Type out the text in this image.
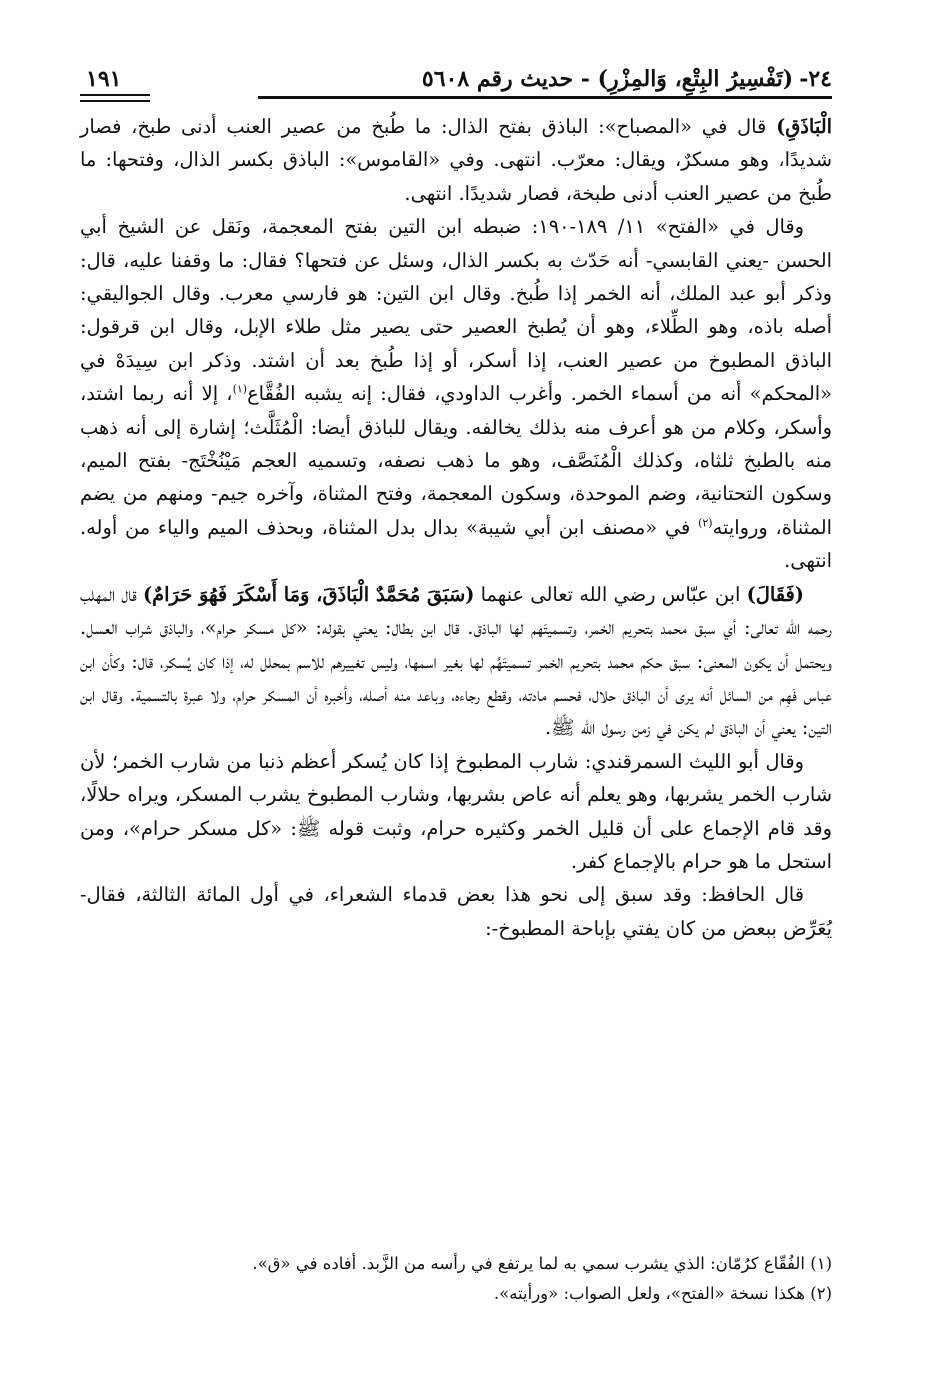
٢٤-(تَفْسِيرُ البِتْعِ، وَالمِزْرِ) - حديث رقم ٥٦٠٨
١٩١

الْبَاذَقِ) قال في «المصباح»: الباذق بفتح الذال: ما طُبخ من عصير العنب أدنى طبخ، فصار شديدًا، وهو مسكرٌ، ويقال: معرّب. انتهى. وفي «القاموس»: الباذق بكسر الذال، وفتحها: ما طُبخ من عصير العنب أدنى طبخة، فصار شديدًا. انتهى.

وقال في «الفتح» ١١/ ١٨٩-١٩٠: ضبطه ابن التين بفتح المعجمة، ونَقل عن الشيخ أبي الحسن -يعني القابسي- أنه حَدّث به بكسر الذال، وسئل عن فتحها؟ فقال: ما وقفنا عليه، قال: وذكر أبو عبد الملك، أنه الخمر إذا طُبخ. وقال ابن التين: هو فارسي معرب. وقال الجواليقي: أصله باذه، وهو الطِّلاء، وهو أن يُطبخ العصير حتى يصير مثل طلاء الإبل، وقال ابن قرقول: الباذق المطبوخ من عصير العنب، إذا أسكر، أو إذا طُبخ بعد أن اشتد. وذكر ابن سِيدَهْ في «المحكم» أنه من أسماء الخمر. وأغرب الداودي، فقال: إنه يشبه الفُقَّاع$^{(١)}$، إلا أنه ربما اشتد، وأسكر، وكلام من هو أعرف منه بذلك يخالفه. ويقال للباذق أيضا: الْمُثَلَّث؛ إشارة إلى أنه ذهب منه بالطبخ ثلثاه، وكذلك الْمُنَصَّف، وهو ما ذهب نصفه، وتسميه العجم مَيْنُخْتَج- بفتح الميم، وسكون التحتانية، وضم الموحدة، وسكون المعجمة، وفتح المثناة، وآخره جيم- ومنهم من يضم المثناة، وروايته$^{(٢)}$ في «مصنف ابن أبي شيبة» بدال بدل المثناة، وبحذف الميم والياء من أوله. انتهى.

(فَقَالَ) ابن عبّاس رضي الله تعالى عنهما (سَبَقَ مُحَمَّدٌ الْبَاذَقَ، وَمَا أَسْكَرَ فَهُوَ حَرَامٌ) قال المهلب رحمه الله تعالى: أي سبق محمد بتحريم الخمر، وتسميتَهم لها الباذق. قال ابن بطال: يعني بقوله: «كل مسكر حرام»، والباذق شراب العسل. ويحتمل أن يكون المعنى: سبق حكم محمد بتحريم الخمر تسميتَهُم لها بغير اسمها، وليس تغييرهم للاسم بمحلل له، إذا كان يُسكر، قال: وكأن ابن عباس فَهِم من السائل أنه يرى أن الباذق حلال، فحسم مادته، وقطع رجاءه، وباعد منه أصله، وأخبره أن المسكر حرام، ولا عبرة بالتسمية. وقال ابن التين: يعني أن الباذق لم يكن في زمن رسول الله ﷺ.

وقال أبو الليث السمرقندي: شارب المطبوخ إذا كان يُسكر أعظم ذنبا من شارب الخمر؛ لأن شارب الخمر يشربها، وهو يعلم أنه عاص بشربها، وشارب المطبوخ يشرب المسكر، ويراه حلالًا، وقد قام الإجماع على أن قليل الخمر وكثيره حرام، وثبت قوله ﷺ: «كل مسكر حرام»، ومن استحل ما هو حرام بالإجماع كفر.

قال الحافظ: وقد سبق إلى نحو هذا بعض قدماء الشعراء، في أول المائة الثالثة، فقال- يُعَرِّض ببعض من كان يفتي بإباحة المطبوخ-:

(١) الفُقّاع كرُمّان: الذي يشرب سمي به لما يرتفع في رأسه من الزَّبد. أفاده في «ق».

(٢) هكذا نسخة «الفتح»، ولعل الصواب: «ورأيته».
